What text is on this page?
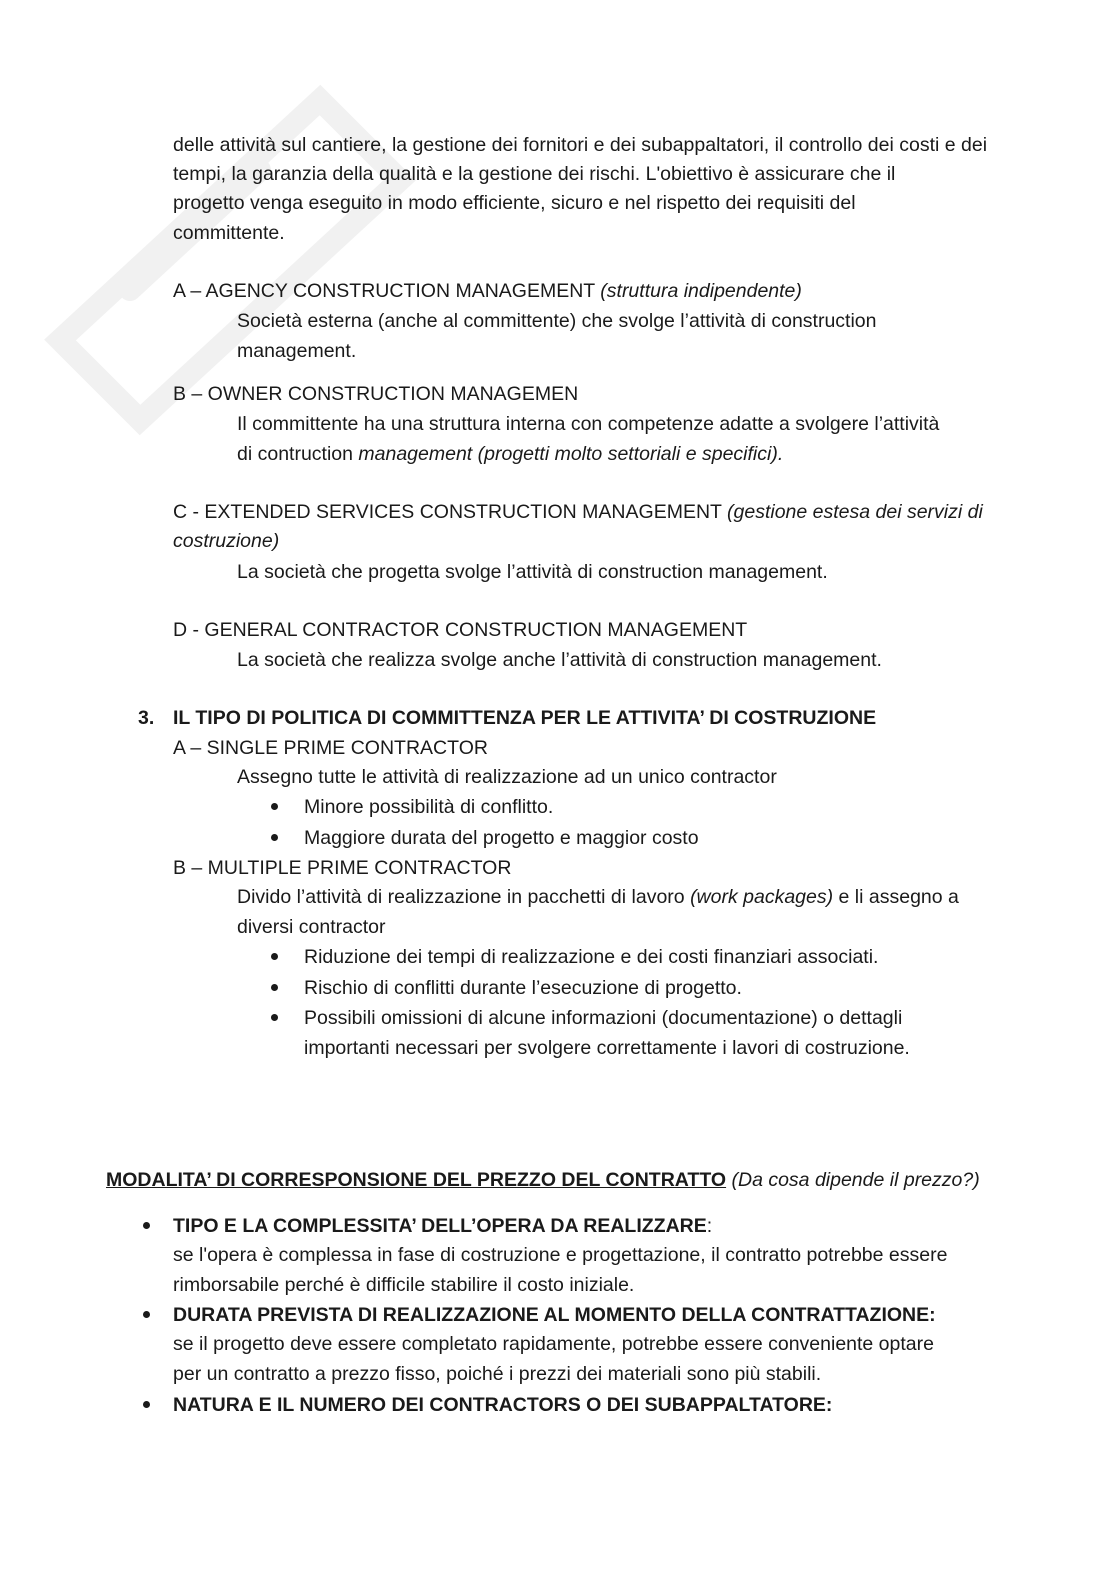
delle attività sul cantiere, la gestione dei fornitori e dei subappaltatori, il controllo dei costi e dei
tempi, la garanzia della qualità e la gestione dei rischi. L'obiettivo è assicurare che il
progetto venga eseguito in modo efficiente, sicuro e nel rispetto dei requisiti del
committente.
A – AGENCY CONSTRUCTION MANAGEMENT (struttura indipendente)
Società esterna (anche al committente) che svolge l’attività di construction
management.
B – OWNER CONSTRUCTION MANAGEMEN
Il committente ha una struttura interna con competenze adatte a svolgere l’attività
di contruction management (progetti molto settoriali e specifici).
C - EXTENDED SERVICES CONSTRUCTION MANAGEMENT (gestione estesa dei servizi di
costruzione)
La società che progetta svolge l’attività di construction management.
D - GENERAL CONTRACTOR CONSTRUCTION MANAGEMENT
La società che realizza svolge anche l’attività di construction management.
3. IL TIPO DI POLITICA DI COMMITTENZA PER LE ATTIVITA’ DI COSTRUZIONE
A – SINGLE PRIME CONTRACTOR
Assegno tutte le attività di realizzazione ad un unico contractor
Minore possibilità di conflitto.
Maggiore durata del progetto e maggior costo
B – MULTIPLE PRIME CONTRACTOR
Divido l’attività di realizzazione in pacchetti di lavoro (work packages) e li assegno a
diversi contractor
Riduzione dei tempi di realizzazione e dei costi finanziari associati.
Rischio di conflitti durante l’esecuzione di progetto.
Possibili omissioni di alcune informazioni (documentazione) o dettagli
importanti necessari per svolgere correttamente i lavori di costruzione.
MODALITA’ DI CORRESPONSIONE DEL PREZZO DEL CONTRATTO (Da cosa dipende il prezzo?)
TIPO E LA COMPLESSITA’ DELL’OPERA DA REALIZZARE:
se l'opera è complessa in fase di costruzione e progettazione, il contratto potrebbe essere
rimborsabile perché è difficile stabilire il costo iniziale.
DURATA PREVISTA DI REALIZZAZIONE AL MOMENTO DELLA CONTRATTAZIONE:
se il progetto deve essere completato rapidamente, potrebbe essere conveniente optare
per un contratto a prezzo fisso, poiché i prezzi dei materiali sono più stabili.
NATURA E IL NUMERO DEI CONTRACTORS O DEI SUBAPPALTATORE:
